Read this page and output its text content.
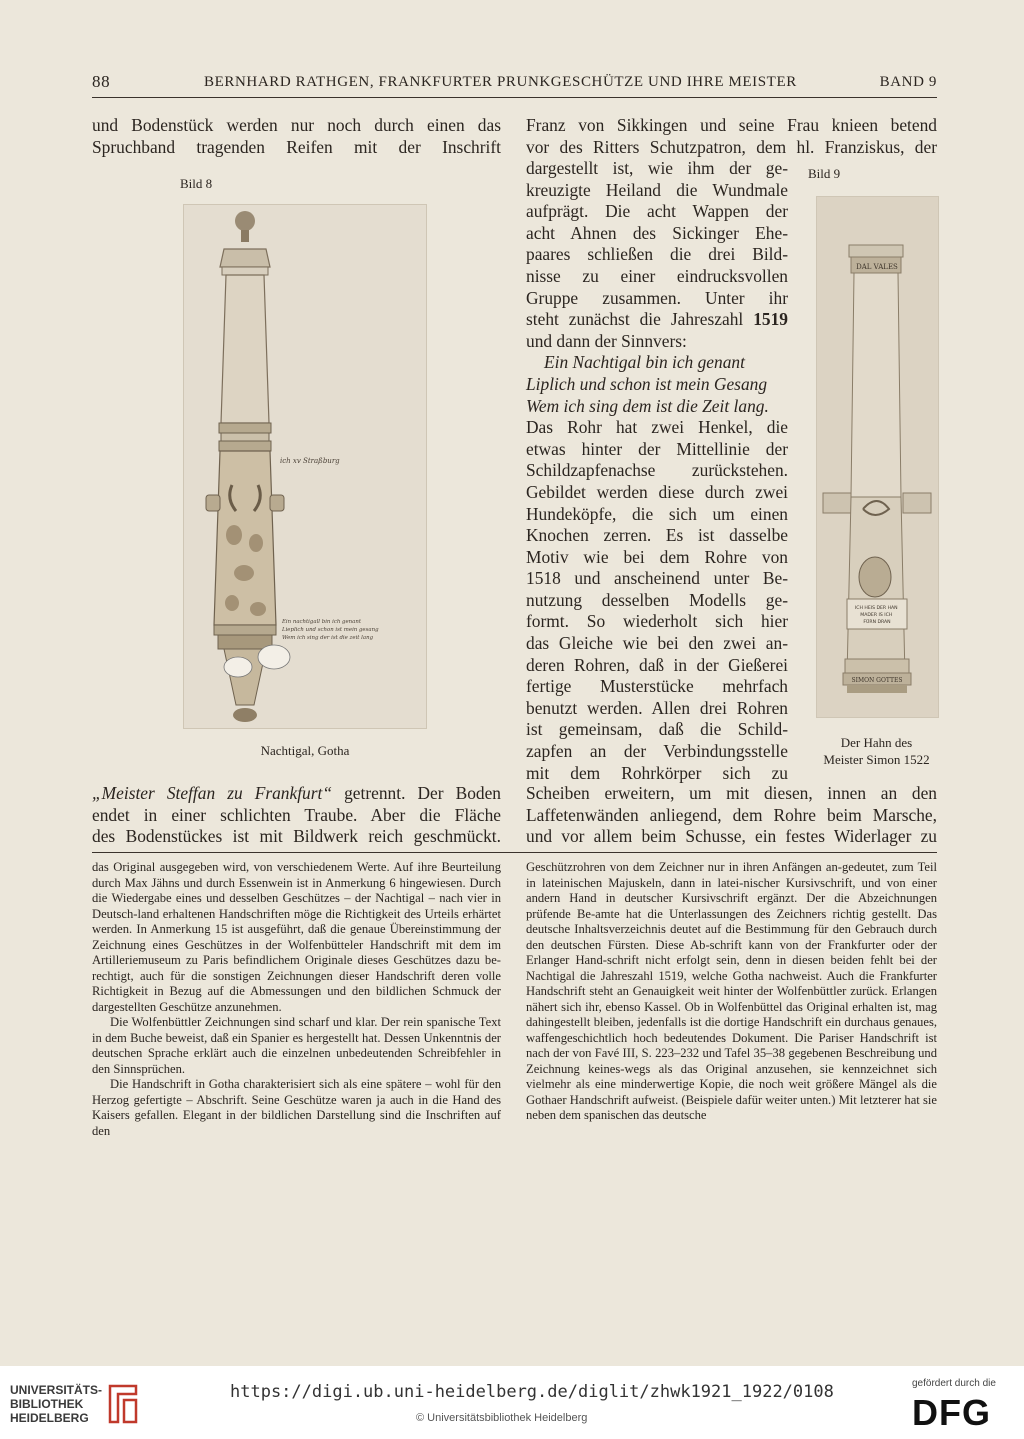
88	BERNHARD RATHGEN, FRANKFURTER PRUNKGESCHÜTZE UND IHRE MEISTER	BAND 9

und Bodenstück werden nur noch durch einen das

Spruchband tragenden Reifen mit der Inschrift

Bild 8
ich xv Straßburg
Ein nachtigall bin ich genant Lieplich und schon ist mein gesang Wem ich sing der ist die zeit lang
Nachtigal, Gotha

„Meister Steffan zu Frankfurt“ getrennt. Der Boden

endet in einer schlichten Traube. Aber die Fläche

des Bodenstückes ist mit Bildwerk reich geschmückt.

Franz von Sikkingen und seine Frau knieen betend

vor des Ritters Schutzpatron, dem hl. Franziskus, der

dargestellt ist, wie ihm der ge-

kreuzigte Heiland die Wundmale

aufprägt. Die acht Wappen der

acht Ahnen des Sickinger Ehe-

paares schließen die drei Bild-

nisse zu einer eindrucksvollen

Gruppe zusammen. Unter ihr

steht zunächst die Jahreszahl 1519

und dann der Sinnvers:

Ein Nachtigal bin ich genant

Liplich und schon ist mein Gesang

Wem ich sing dem ist die Zeit lang.

Das Rohr hat zwei Henkel, die

etwas hinter der Mittellinie der

Schildzapfenachse zurückstehen.

Gebildet werden diese durch zwei

Hundeköpfe, die sich um einen

Knochen zerren. Es ist dasselbe

Motiv wie bei dem Rohre von

1518 und anscheinend unter Be-

nutzung desselben Modells ge-

formt. So wiederholt sich hier

das Gleiche wie bei den zwei an-

deren Rohren, daß in der Gießerei

fertige Musterstücke mehrfach

benutzt werden. Allen drei Rohren

ist gemeinsam, daß die Schild-

zapfen an der Verbindungsstelle

mit dem Rohrkörper sich zu

Bild 9
DAL VALES
ICH HEIS DER HAN MADER IS ICH FÜRN DRAN
SIMON GOTTES
Der Hahn des
Meister Simon 1522

Scheiben erweitern, um mit diesen, innen an den

Laffetenwänden anliegend, dem Rohre beim Marsche,

und vor allem beim Schusse, ein festes Widerlager zu

das Original ausgegeben wird, von verschiedenem Werte. Auf ihre Beurteilung durch Max Jähns und durch Essenwein ist in Anmerkung 6 hingewiesen. Durch die Wiedergabe eines und desselben Geschützes – der Nachtigal – nach vier in Deutsch-land erhaltenen Handschriften möge die Richtigkeit des Urteils erhärtet werden. In Anmerkung 15 ist ausgeführt, daß die genaue Übereinstimmung der Zeichnung eines Geschützes in der Wolfenbütteler Handschrift mit dem im Artilleriemuseum zu Paris befindlichem Originale dieses Geschützes dazu be-rechtigt, auch für die sonstigen Zeichnungen dieser Handschrift deren volle Richtigkeit in Bezug auf die Abmessungen und den bildlichen Schmuck der dargestellten Geschütze anzunehmen.

Die Wolfenbüttler Zeichnungen sind scharf und klar. Der rein spanische Text in dem Buche beweist, daß ein Spanier es hergestellt hat. Dessen Unkenntnis der deutschen Sprache erklärt auch die einzelnen unbedeutenden Schreibfehler in den Sinnsprüchen.

Die Handschrift in Gotha charakterisiert sich als eine spätere – wohl für den Herzog gefertigte – Abschrift. Seine Geschütze waren ja auch in die Hand des Kaisers gefallen. Elegant in der bildlichen Darstellung sind die Inschriften auf den

Geschützrohren von dem Zeichner nur in ihren Anfängen an-gedeutet, zum Teil in lateinischen Majuskeln, dann in latei-nischer Kursivschrift, und von einer andern Hand in deutscher Kursivschrift ergänzt. Der die Abzeichnungen prüfende Be-amte hat die Unterlassungen des Zeichners richtig gestellt. Das deutsche Inhaltsverzeichnis deutet auf die Bestimmung für den Gebrauch durch den deutschen Fürsten. Diese Ab-schrift kann von der Frankfurter oder der Erlanger Hand-schrift nicht erfolgt sein, denn in diesen beiden fehlt bei der Nachtigal die Jahreszahl 1519, welche Gotha nachweist. Auch die Frankfurter Handschrift steht an Genauigkeit weit hinter der Wolfenbüttler zurück. Erlangen nähert sich ihr, ebenso Kassel. Ob in Wolfenbüttel das Original erhalten ist, mag dahingestellt bleiben, jedenfalls ist die dortige Handschrift ein durchaus genaues, waffengeschichtlich hoch bedeutendes Dokument. Die Pariser Handschrift ist nach der von Favé III, S. 223–232 und Tafel 35–38 gegebenen Beschreibung und Zeichnung keines-wegs als das Original anzusehen, sie kennzeichnet sich vielmehr als eine minderwertige Kopie, die noch weit größere Mängel als die Gothaer Handschrift aufweist. (Beispiele dafür weiter unten.) Mit letzterer hat sie neben dem spanischen das deutsche

UNIVERSITÄTS-
BIBLIOTHEK
HEIDELBERG
https://digi.ub.uni-heidelberg.de/diglit/zhwk1921_1922/0108
© Universitätsbibliothek Heidelberg
gefördert durch die
DFG
